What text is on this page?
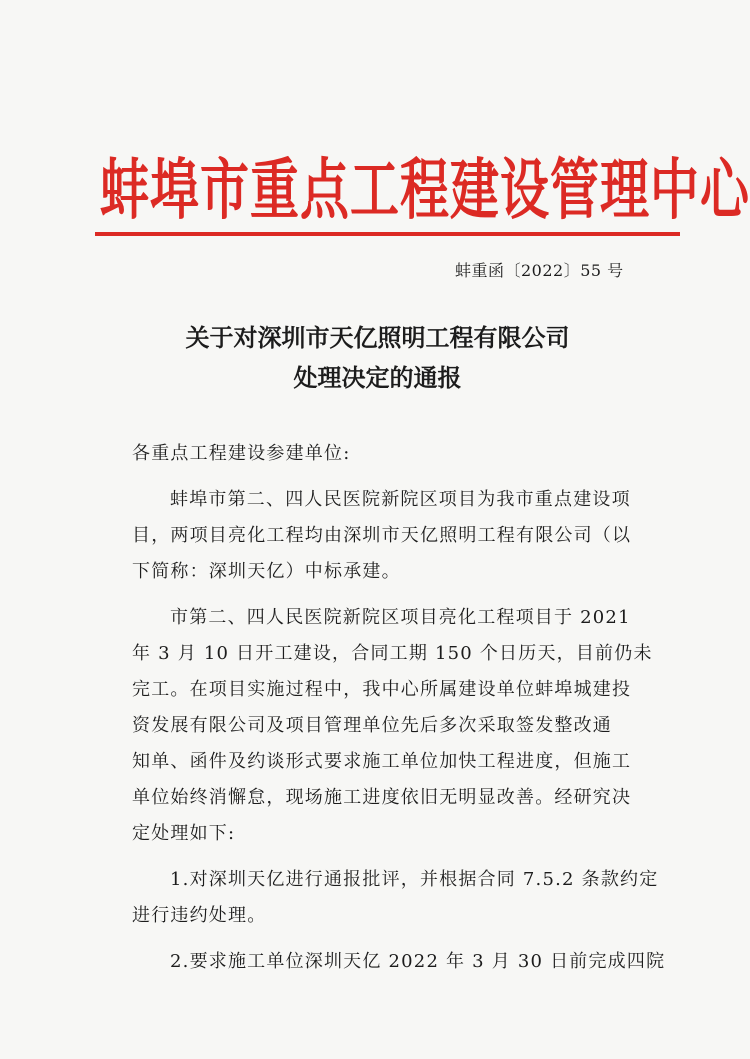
蚌埠市重点工程建设管理中心
蚌重函〔2022〕55 号
关于对深圳市天亿照明工程有限公司
处理决定的通报
各重点工程建设参建单位:
蚌埠市第二、四人民医院新院区项目为我市重点建设项
目，两项目亮化工程均由深圳市天亿照明工程有限公司（以
下简称：深圳天亿）中标承建。
市第二、四人民医院新院区项目亮化工程项目于 2021
年 3 月 10 日开工建设，合同工期 150 个日历天，目前仍未
完工。在项目实施过程中，我中心所属建设单位蚌埠城建投
资发展有限公司及项目管理单位先后多次采取签发整改通
知单、函件及约谈形式要求施工单位加快工程进度，但施工
单位始终消懈怠，现场施工进度依旧无明显改善。经研究决
定处理如下:
1.对深圳天亿进行通报批评，并根据合同 7.5.2 条款约定
进行违约处理。
2.要求施工单位深圳天亿 2022 年 3 月 30 日前完成四院
